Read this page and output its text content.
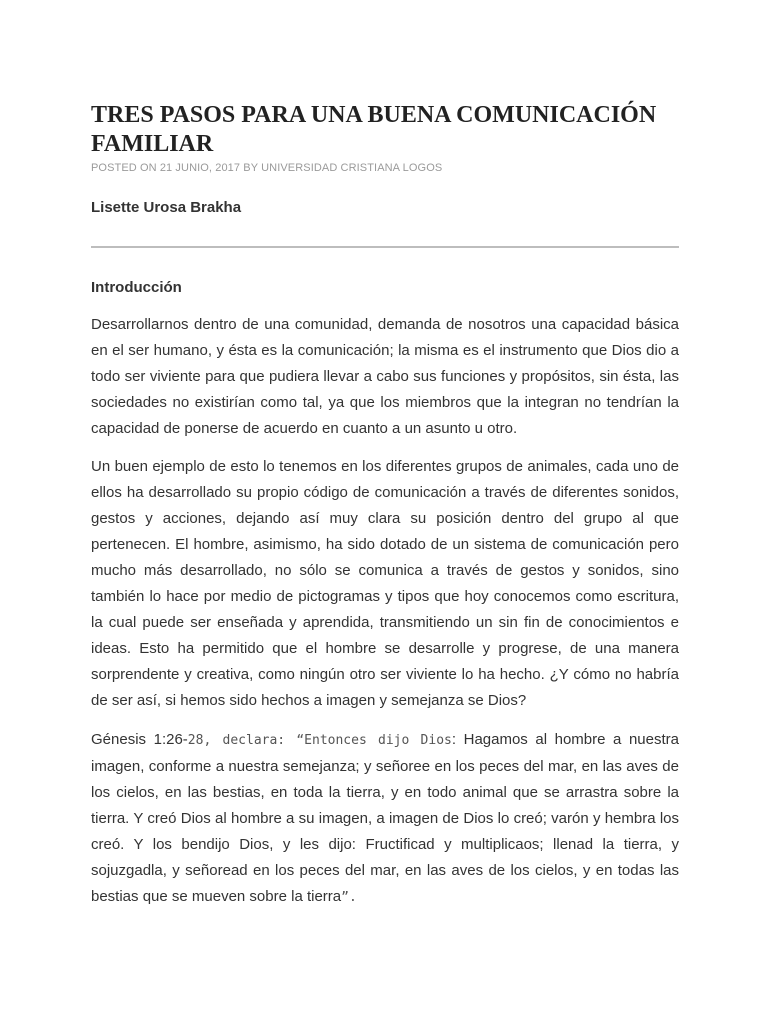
TRES PASOS PARA UNA BUENA COMUNICACIÓN FAMILIAR

POSTED ON 21 JUNIO, 2017 BY UNIVERSIDAD CRISTIANA LOGOS

Lisette Urosa Brakha

Introducción

Desarrollarnos dentro de una comunidad, demanda de nosotros una capacidad básica en el ser humano, y ésta es la comunicación; la misma es el instrumento que Dios dio a todo ser viviente para que pudiera llevar a cabo sus funciones y propósitos, sin ésta, las sociedades no existirían como tal, ya que los miembros que la integran no tendrían la capacidad de ponerse de acuerdo en cuanto a un asunto u otro.

Un buen ejemplo de esto lo tenemos en los diferentes grupos de animales, cada uno de ellos ha desarrollado su propio código de comunicación a través de diferentes sonidos, gestos y acciones, dejando así muy clara su posición dentro del grupo al que pertenecen. El hombre, asimismo, ha sido dotado de un sistema de comunicación pero mucho más desarrollado, no sólo se comunica a través de gestos y sonidos, sino también lo hace por medio de pictogramas y tipos que hoy conocemos como escritura, la cual puede ser enseñada y aprendida, transmitiendo un sin fin de conocimientos e ideas. Esto ha permitido que el hombre se desarrolle y progrese, de una manera sorprendente y creativa, como ningún otro ser viviente lo ha hecho. ¿Y cómo no habría de ser así, si hemos sido hechos a imagen y semejanza se Dios?

Génesis 1:26-28, declara: “Entonces dijo Dios: Hagamos al hombre a nuestra imagen, conforme a nuestra semejanza; y señoree en los peces del mar, en las aves de los cielos, en las bestias, en toda la tierra, y en todo animal que se arrastra sobre la tierra. Y creó Dios al hombre a su imagen, a imagen de Dios lo creó; varón y hembra los creó. Y los bendijo Dios, y les dijo: Fructificad y multiplicaos; llenad la tierra, y sojuzgadla, y señoread en los peces del mar, en las aves de los cielos, y en todas las bestias que se mueven sobre la tierra”.
